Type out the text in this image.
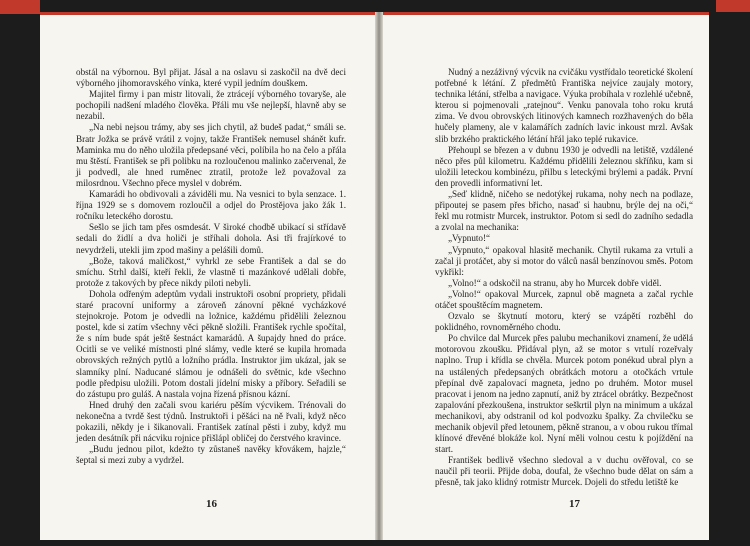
obstál na výbornou. Byl přijat. Jásal a na oslavu si zaskočil na dvě deci výborného jihomoravského vínka, které vypil jedním doušk​em.

Majitel firmy i pan mistr litovali, že ztrácejí výborného tovaryše, ale pochopili nadšení mladého člověka. Přáli mu vše nejlepší, hlavně aby se nezabil.

„Na nebi nejsou trámy, aby ses jich chytil, až budeš padat,“ smáli se. Bratr Jožka se právě vrátil z vojny, takže František nemusel shánět kufr. Maminka mu do něho uložila předepsané věci, políbila ho na čelo a přála mu štěstí. František se při polibku na rozloučenou malinko začervenal, že ji podvedl, ale hned ruměnec ztratil, protože lež považoval za milosrdnou. Všechno přece myslel v dobrém.

Kamarádi ho obdivovali a záviděli mu. Na vesnici to byla senzace. 1. října 1929 se s domovem rozloučil a odjel do Prostějova jako žák 1. ročníku leteckého dorostu.

Sešlo se jich tam přes osmdesát. V široké chodbě ubikací si střídavě sedali do židlí a dva holiči je stříhali dohola. Asi tři frajírkové to nevydrželi, utekli jim zpod mašiny a pelášili domů.

„Bože, taková maličkost,“ vyhrkl ze sebe František a dal se do smíchu. Strhl další, kteří řekli, že vlastně ti mazánkové udělali dobře, protože z takových by přece nikdy piloti nebyli.

Dohola odřeným adeptům vydali instruktoři osobní proprietу, přidali staré pracovní uniformy a zároveň zánovní pěkné vycházkové stejnokroje. Potom je odvedli na ložnice, každému přidělili železnou postel, kde si zatím všechny věci pěkně složili. František rychle spočítal, že s ním bude spát ještě šestnáct kamarádů. A šupajdy hned do práce. Ocitli se ve veliké místnosti plné slámy, vedle které se kupila hromada obrovských režných pytlů a ložního prádla. Instruktor jim ukázal, jak se slamníky plní. Naducané slámou je odnášeli do světnic, kde všechno podle předpisu uložili. Potom dostali jídelní misky a příbory. Seřadili se do zástupu pro guláš. A nastala vojna řízená přísnou kázní.

Hned druhý den začali svou kariéru pěším výcvikem. Trénovali do nekonečna a tvrdě šest týdnů. Instruktoři i pěšáci na ně řvali, když něco pokazili, někdy je i šikanovali. František zatínal pěsti i zuby, když mu jeden desátník při nácviku rojnice přišlápl obličej do čerstvého kravince.

„Budu jednou pilot, kdežto ty zůstaneš navěky křovákem, hajzle,“ šeptal si mezi zuby a vydržel.

16

Nudný a nezáživný výcvik na cvičáku vystřídalo teoretické školení potřebné k létání. Z předmětů Františka nejvíce zaujaly motory, technika létání, střelba a navigace. Výuka probíhala v rozlehlé učebně, kterou si pojmenovali „ratejnou“. Venku panovala toho roku krutá zima. Ve dvou obrovských litinových kamnech rozžhavených do běla hučely plameny, ale v kalamářích zadních lavic inkoust mrzl. Avšak slib brzkého praktického létání hřál jako teplé rukavice.

Přehoupl se březen a v dubnu 1930 je odvedli na letiště, vzdálené něco přes půl kilometru. Každému přidělili železnou skříňku, kam si uložili leteckou kombinézu, přilbu s leteckými brýlemi a padák. První den provedli informativní let.

„Seď klidně, ničeho se nedotýkej rukama, nohy nech na podlaze, připoutej se pasem přes břicho, nasaď si haubnu, brýle dej na oči,“ řekl mu rotmistr Murcek, instruktor. Potom si sedl do zadního sedadla a zvolal na mechanika:

„Vypnuto!“

„Vypnuto,“ opakoval hlasitě mechanik. Chytil rukama za vrtuli a začal ji protáčet, aby si motor do válců nasál benzínovou směs. Potom vykřikl:

„Volno!“ a odskočil na stranu, aby ho Murcek dobře viděl.

„Volno!“ opakoval Murcek, zapnul obě magneta a začal rychle otáčet spouštěcím magnetem.

Ozvalo se škytnutí motoru, který se vzápětí rozběhl do poklidného, rovnoměrného chodu.

Po chvilce dal Murcek přes palubu mechanikovi znamení, že udělá motorovou zkoušku. Přidával plyn, až se motor s vrtulí rozeřvaly naplno. Trup i křídla se chvěla. Murcek potom ponékud ubral plyn a na ustálených předepsaných obrátkách motoru a otočkách vrtule přepínal dvě zapalovací magneta, jedno po druhém. Motor musel pracovat i jenom na jedno zapnutí, aniž by ztrácel obrátky. Bezpečnost zapalování přezkoušena, instruktor seškrtil plyn na minimum a ukázal mechanikovi, aby odstranil od kol podvozku špalky. Za chvilečku se mechanik objevil před letounem, pěkně stranou, a v obou rukou třímal klínové dřevěné blokáže kol. Nyní měli volnou cestu k pojíždění na start.

František bedlivě všechno sledoval a v duchu ověřoval, co se naučil při teorii. Přijde doba, doufal, že všechno bude dělat on sám a přesně, tak jako klidný rotmistr Murcek. Dojeli do středu letiště ke

17
